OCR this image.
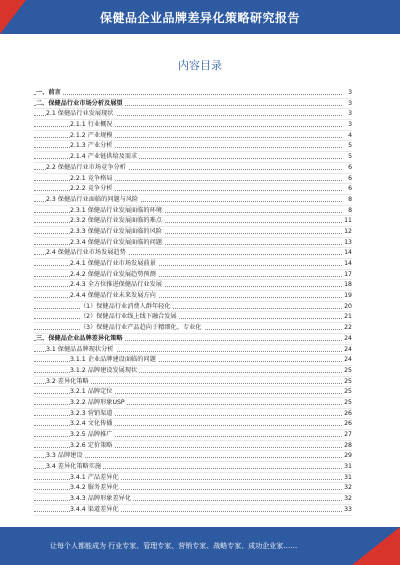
保健品企业品牌差异化策略研究报告
内容目录
一、前言	3
二、保健品行业市场分析及展望	3
2.1 保健品行业发展现状	3
2.1.1 行业概况	3
2.1.2 产业规模	4
2.1.3 产业分析	5
2.1.4 产业链供给及需求	5
2.2 保健品行业市场竞争分析	6
2.2.1 竞争格局	6
2.2.2 竞争分析	6
2.3 保健品行业面临的问题与风险	8
2.3.1 保健品行业发展面临的环境	8
2.3.2 保健品行业发展面临的难点	11
2.3.3 保健品行业发展面临的风险	12
2.3.4 保健品行业发展面临的问题	13
2.4 保健品行业市场发展趋势	14
2.4.1 保健品行业市场发展前景	14
2.4.2 保健品行业发展趋势预测	17
2.4.3 全方位推进保健品行业发展	18
2.4.4 保健品行业未来发展方向	19
（1）保健品行业消费人群年轻化	20
（2）保健品行业线上线下融合发展	21
（3）保健品行业产品趋向于精细化、专业化	22
三、保健品企业品牌差异化策略	24
3.1 保健品品牌现状分析	24
3.1.1 企业品牌建设面临的问题	24
3.1.2 品牌建设发展现状	25
3.2 差异化策略	25
3.2.1 品牌定位	25
3.2.2 品牌形象USP	25
3.2.3 营销渠道	26
3.2.4 文化传播	26
3.2.5 品牌推广	27
3.2.6 定价策略	28
3.3 品牌建设	29
3.4 差异化策略实施	31
3.4.1 产品差异化	31
3.4.2 服务差异化	32
3.4.3 品牌形象差异化	32
3.4.4 渠道差异化	33
让每个人都能成为 行业专家、管理专家、营销专家、战略专家、成功企业家……
